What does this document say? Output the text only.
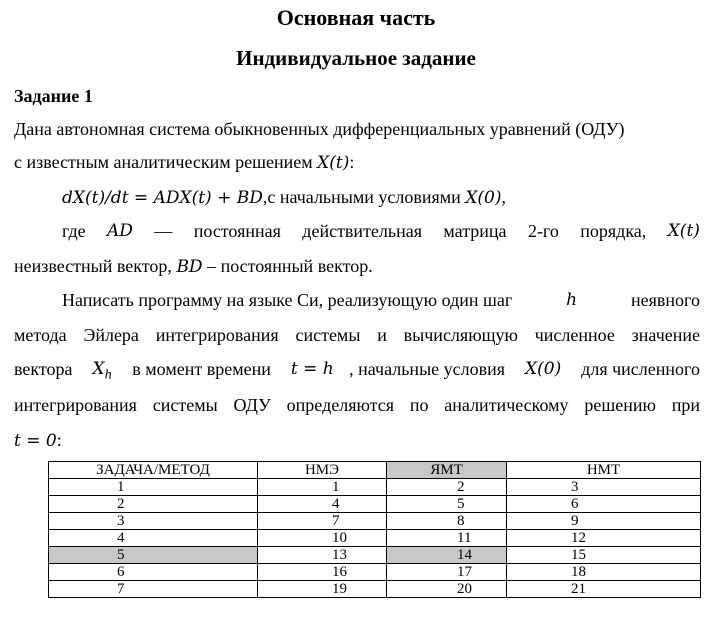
Основная часть
Индивидуальное задание
Задание 1
Дана автономная система обыкновенных дифференциальных уравнений (ОДУ)
с известным аналитическим решением X(t):
dX(t)/dt = ADX(t) + BD,с начальными условиями X(0),
где AD — постоянная действительная матрица 2-го порядка, X(t)
неизвестный вектор, BD – постоянный вектор.
Написать программу на языке Си, реализующую один шаг	h	неявного
метода Эйлера интегрирования системы и вычисляющую численное значение
вектора $X_h$ в момент времени t = h , начальные условия X(0) для численного
интегрирования системы ОДУ определяются по аналитическому решению при
t = 0:
ЗАДАЧА/МЕТОД	НМЭ	ЯМТ	НМТ
1	1	2	3
2	4	5	6
3	7	8	9
4	10	11	12
5	13	14	15
6	16	17	18
7	19	20	21
